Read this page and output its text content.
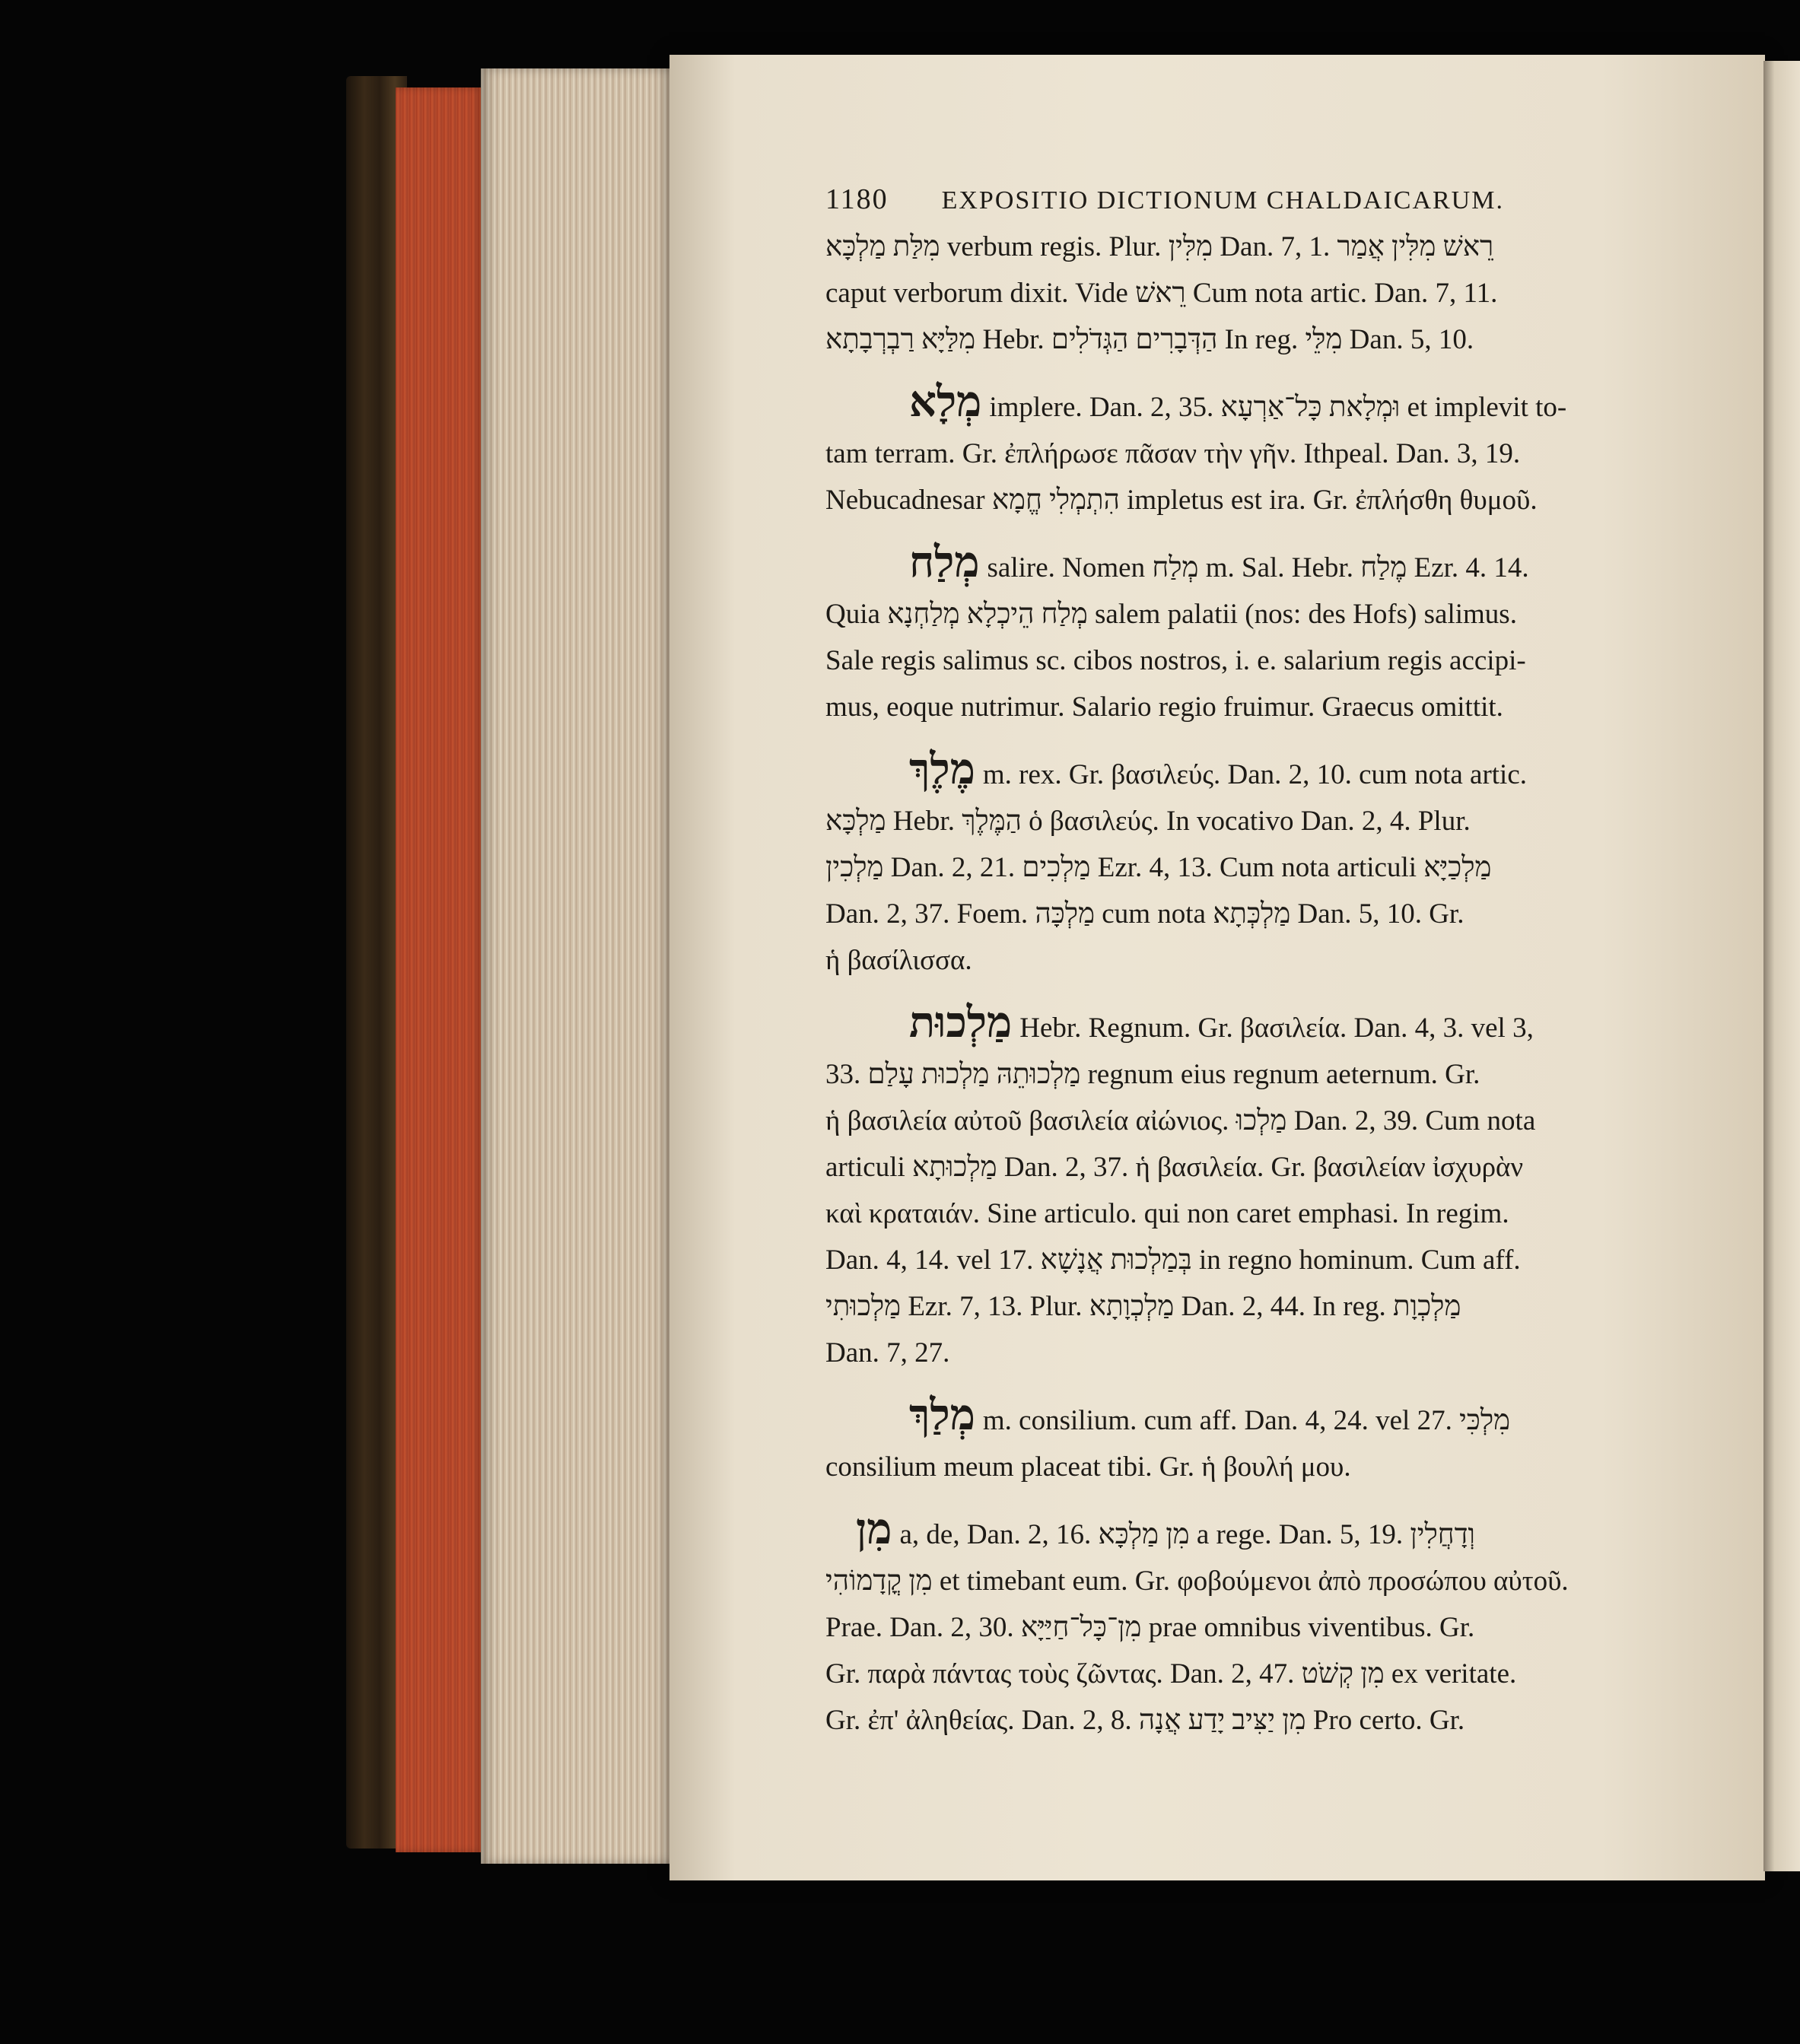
1180 EXPOSITIO DICTIONUM CHALDAICARUM.
מִלַּת מַלְכָּא verbum regis. Plur. מִלִּין Dan. 7, 1. רֵאשׁ מִלִּין אֲמַר
caput verborum dixit. Vide רֵאשׁ Cum nota artic. Dan. 7, 11.
מִלַּיָּא רַבְרְבָתָא Hebr. הַדְּבָרִים הַגְּדֹלִים In reg. מִלֵּי Dan. 5, 10.
מְלָא implere. Dan. 2, 35. וּמְלָאת כָּל־אַרְעָא et implevit to-
tam terram. Gr. ἐπλήρωσε πᾶσαν τὴν γῆν. Ithpeal. Dan. 3, 19.
Nebucadnesar הִתְמְלִי חֱמָא impletus est ira. Gr. ἐπλήσθη θυμοῦ.
מְלַח salire. Nomen מְלַח m. Sal. Hebr. מֶלַח Ezr. 4. 14.
Quia מְלַח הֵיכְלָא מְלַחְנָא salem palatii (nos: des Hofs) salimus.
Sale regis salimus sc. cibos nostros, i. e. salarium regis accipi-
mus, eoque nutrimur. Salario regio fruimur. Graecus omittit.
מֶלֶךְ m. rex. Gr. βασιλεύς. Dan. 2, 10. cum nota artic.
מַלְכָּא Hebr. הַמֶּלֶךְ ὁ βασιλεύς. In vocativo Dan. 2, 4. Plur.
מַלְכִין Dan. 2, 21. מַלְכִים Ezr. 4, 13. Cum nota articuli מַלְכַיָּא
Dan. 2, 37. Foem. מַלְכָּה cum nota מַלְכְּתָא Dan. 5, 10. Gr.
ἡ βασίλισσα.
מַלְכוּת Hebr. Regnum. Gr. βασιλεία. Dan. 4, 3. vel 3,
33. מַלְכוּתֵהּ מַלְכוּת עָלַם regnum eius regnum aeternum. Gr.
ἡ βασιλεία αὐτοῦ βασιλεία αἰώνιος. מַלְכוּ Dan. 2, 39. Cum nota
articuli מַלְכוּתָא Dan. 2, 37. ἡ βασιλεία. Gr. βασιλείαν ἰσχυρὰν
καὶ κραταιάν. Sine articulo. qui non caret emphasi. In regim.
Dan. 4, 14. vel 17. בְּמַלְכוּת אֲנָשָׁא in regno hominum. Cum aff.
מַלְכוּתִי Ezr. 7, 13. Plur. מַלְכְוָתָא Dan. 2, 44. In reg. מַלְכְוָת
Dan. 7, 27.
מְלַךְ m. consilium. cum aff. Dan. 4, 24. vel 27. מִלְכִּי
consilium meum placeat tibi. Gr. ἡ βουλή μου.
מִן a, de, Dan. 2, 16. מִן מַלְכָּא a rege. Dan. 5, 19. וְדָחֲלִין
מִן קֳדָמוֹהִי et timebant eum. Gr. φοβούμενοι ἀπὸ προσώπου αὐτοῦ.
Prae. Dan. 2, 30. מִן־כָּל־חַיַּיָּא prae omnibus viventibus. Gr.
Gr. παρὰ πάντας τοὺς ζῶντας. Dan. 2, 47. מִן קְשֹׁט ex veritate.
Gr. ἐπ' ἀληθείας. Dan. 2, 8. מִן יַצִּיב יָדַע אֲנָה Pro certo. Gr.
